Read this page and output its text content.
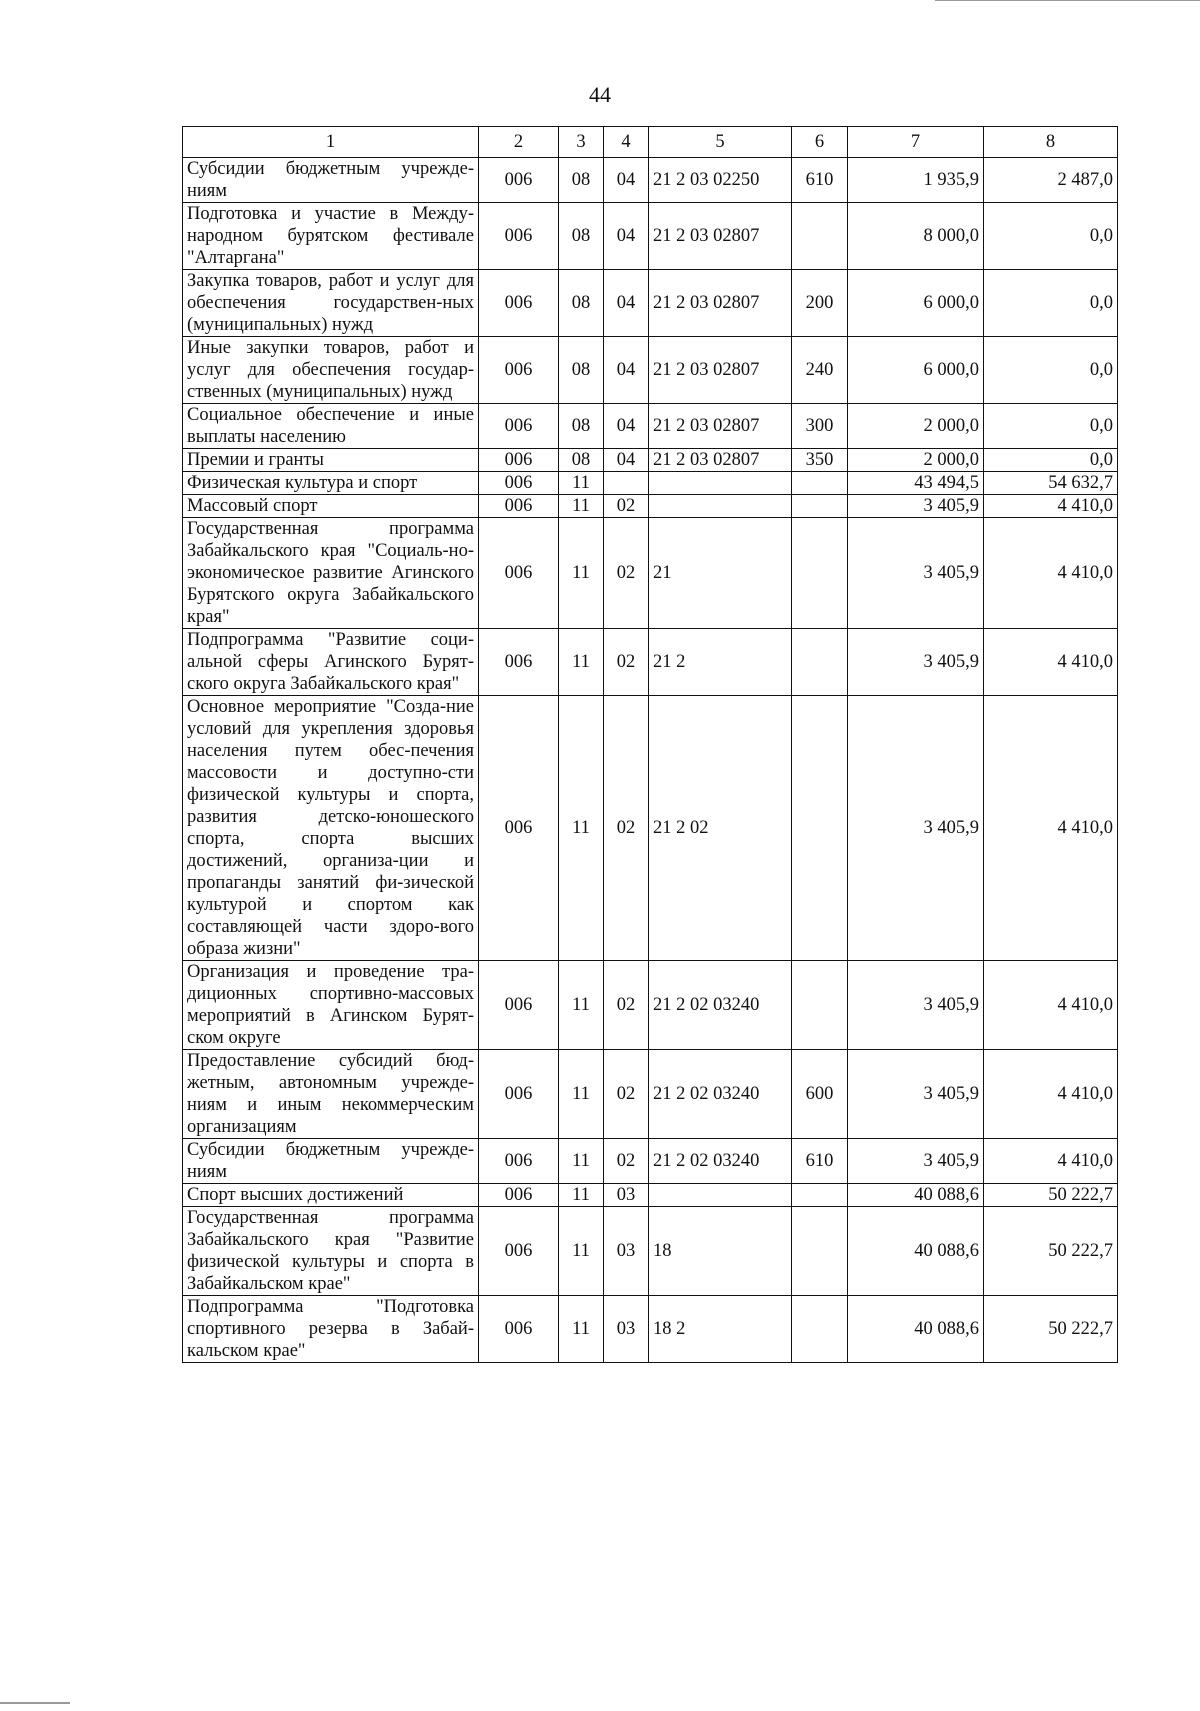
44
1	2	3	4	5	6	7	8
Субсидии бюджетным учрежде-ниям	006	08	04	21 2 03 02250	610	1 935,9	2 487,0
Подготовка и участие в Между-народном бурятском фестивале "Алтаргана"	006	08	04	21 2 03 02807		8 000,0	0,0
Закупка товаров, работ и услуг для обеспечения государствен-ных (муниципальных) нужд	006	08	04	21 2 03 02807	200	6 000,0	0,0
Иные закупки товаров, работ и услуг для обеспечения государ-ственных (муниципальных) нужд	006	08	04	21 2 03 02807	240	6 000,0	0,0
Социальное обеспечение и иные выплаты населению	006	08	04	21 2 03 02807	300	2 000,0	0,0
Премии и гранты	006	08	04	21 2 03 02807	350	2 000,0	0,0
Физическая культура и спорт	006	11				43 494,5	54 632,7
Массовый спорт	006	11	02			3 405,9	4 410,0
Государственная программа Забайкальского края "Социаль-но-экономическое развитие Агинского Бурятского округа Забайкальского края"	006	11	02	21		3 405,9	4 410,0
Подпрограмма "Развитие соци-альной сферы Агинского Бурят-ского округа Забайкальского края"	006	11	02	21 2		3 405,9	4 410,0
Основное мероприятие "Созда-ние условий для укрепления здоровья населения путем обес-печения массовости и доступно-сти физической культуры и спорта, развития детско-юношеского спорта, спорта высших достижений, организа-ции и пропаганды занятий фи-зической культурой и спортом как составляющей части здоро-вого образа жизни"	006	11	02	21 2 02		3 405,9	4 410,0
Организация и проведение тра-диционных спортивно-массовых мероприятий в Агинском Бурят-ском округе	006	11	02	21 2 02 03240		3 405,9	4 410,0
Предоставление субсидий бюд-жетным, автономным учрежде-ниям и иным некоммерческим организациям	006	11	02	21 2 02 03240	600	3 405,9	4 410,0
Субсидии бюджетным учрежде-ниям	006	11	02	21 2 02 03240	610	3 405,9	4 410,0
Спорт высших достижений	006	11	03			40 088,6	50 222,7
Государственная программа Забайкальского края "Развитие физической культуры и спорта в Забайкальском крае"	006	11	03	18		40 088,6	50 222,7
Подпрограмма "Подготовка спортивного резерва в Забай-кальском крае"	006	11	03	18 2		40 088,6	50 222,7
